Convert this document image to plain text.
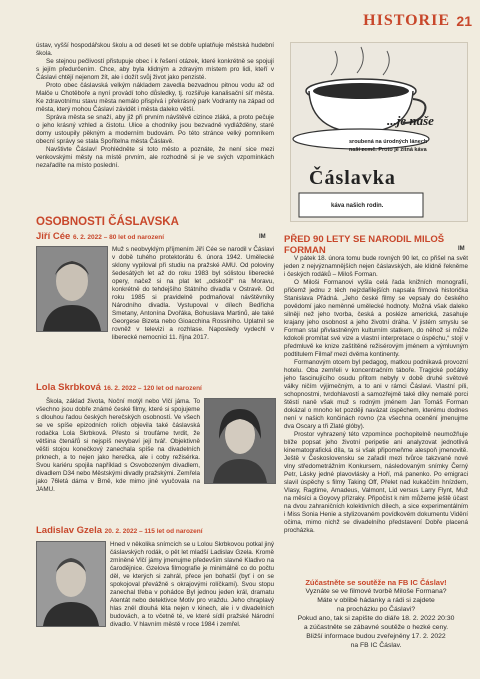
HISTORIE 21

ústav, vyšší hospodářskou školu a od deseti let se dobře uplatňuje městská hudební škola.

Se stejnou pečlivostí přistupuje obec i k řešení otázek, které konkrétně se spojují s jejím předurčením. Chce, aby byla klidným a zdravým místem pro lidi, kteří v Čáslavi chtějí nejenom žít, ale i dožít svůj život jako penzisté.

Proto obec čáslavská velkým nákladem zavedla bezvadnou pitnou vodu až od Malče u Chotěboře a nyní provádí toho důsledky, tj. rozšiřuje kanalisační síť města. Ke zdravotnímu stavu města nemálo přispívá i překrásný park Vodranty na západ od města, který mohou Čáslaví závidět i města daleko větší.

Správa města se snaží, aby již při prvním návštěvě cizince zláká, a proto pečuje o jeho krásný vzhled a čistotu. Ulice a chodníky jsou bezvadně vydlážděny, staré domy ustoupily pěkným a moderním budovám. Po této stránce velký pomníkem obecní správy se stala Spořitelna města Čáslavě.

Navštivte Čáslav! Prohlédněte si toto město a poznáte, že není sice mezi venkovskými městy na místě prvním, ale rozhodně si je ve svých vzpomínkách nezařadíte na místo poslední.

...je naše
sroubená na úrodných lánech
naší země. Proto je žitná káva
Čáslavka
káva našich rodin.
OSOBNOSTI ČÁSLAVSKA
Jiří Cée 6. 2. 2022 – 80 let od narození	IM

Muž s neobvyklým příjmením Jiří Cée se narodil v Čáslavi v době tuhého protektorátu 6. února 1942. Umělecké sklony vypiloval při studiu na pražské AMU. Od poloviny šedesátých let až do roku 1983 byl sólistou liberecké opery, načež si na plat let „odskočil“ na Moravu, konkrétně do tehdejšího Státního divadla v Ostravě. Od roku 1985 si pravidelně podmaňoval návštěvníky Národního divadla. Vystupoval v dílech Bedřicha Smetany, Antonína Dvořáka, Bohuslava Martinů, ale také Georgese Bizeta nebo Gioacchina Rossiniho. Uplatnil se rovněž v televizi a rozhlase. Naposledy vydechl v liberecké nemocnici 11. října 2017.

Lola Skrbková 16. 2. 2022 – 120 let od narození

Škola, základ života, Noční motýl nebo Vlčí jáma. To všechno jsou dobře známé české filmy, které si spojujeme s dlouhou řadou českých herečských osobností. Ve všech se ve spíše epizodních rolích objevila také čáslavská rodačka Lola Skrbková. Přesto si troufáme tvrdit, že většina čtenářů si nejspíš nevybaví její tvář. Objektivně věšti stojou konečkový zanechala spíše na divadelních prknech, a to nejen jako herečka, ale i coby režisérka. Svou kariéru spojila například s Osvobozeným divadlem, divadlem D34 nebo Městskými divadly pražskými. Zemřela jako 76letá dáma v Brně, kde mimo jiné vyučovala na JAMU.

Ladislav Gzela 20. 2. 2022 – 115 let od narození

Hned v několika snímcích se u Lolou Skrbkovou potkal jiný čáslavských rodák, o pět let mladší Ladislav Gzela. Kromě zmíněné Vlčí jámy jmenujme především slavné Kladivo na čarodějnice. Gzelova filmografie je minimálně co do počtu děl, ve kterých si zahrál, přece jen bohatší (byť i on se spokojoval převážně s okrajovými rolíčkami). Svou stopu zanechal třeba v pohádce Byl jednou jeden král, dramatu Atentát nebo detektivce Motiv pro vraždu. Jeho chraplavý hlas zněl dlouhá léta nejen v kinech, ale i v divadelních budovách, a to včetně té, ve které sídlí pražské Národní divadlo. V hlavním městě v roce 1984 i zemřel.

PŘED 90 LETY SE NARODIL MILOŠ FORMAN	IM

V pátek 18. února tomu bude rovných 90 let, co přišel na svět jeden z nejvýznamnějších nejen čáslavských, ale klidně řekněme i českých rodáků – Miloš Forman.

O Miloši Formanovi vyšla celá řada knižních monografií, přičemž jednu z těch nejzdařilejších napsala filmová historička Stanislava Přádná. „Jeho české filmy se vepsaly do českého povědomí jako neměnné umělecké hodnoty. Možná však daleko silněji než jeho tvorba, česká a posléze americká, zasahuje krajany jeho osobnost a jeho životní dráha. V jistém smyslu se Forman stal přivlastněným kulturním statkem, do něhož si může kdokoli promítat své vize a vlastní interpretace o úspěchu,“ stojí v předmluvě ke knize zaštítěné režisérovým jménem a výmluvným podtitulem Filmař mezi dvěma kontinenty.

Formanovým otcem byl pedagog, matkou podnikavá provozní hotelu. Oba zemřeli v koncentračním táboře. Tragické počátky jeho fascinujícího osudu přitom nebyly v době druhé světové války ničím výjimečným, a to ani v rámci Čáslavi. Vlastní píli, schopnostmi, tvrdohlavostí a samozřejmě také díky nemalé porci štěstí naně však muž s rodným jménem Jan Tomáš Forman dokázal o mnoho let později navázat úspěchem, kterému dodnes není v našich končinách rovno (za všechna ocenění jmenujme dva Oscary a tři Zlaté glóby).

Prostor vyhrazený této vzpomínce pochopitelně neumožňuje blíže popsat jeho životní peripetie ani analyzovat jednotlivá kinematografická díla, ta si však připomeňme alespoň jmenovitě. Ještě v Československu se zařadil mezi tvůrce takzvané nové vlny středometrážním Konkursem, následovaným snímky Černý Petr, Lásky jedné plavovlásky a Hoří, má panenko. Po emigraci slavil úspěchy s filmy Taking Off, Přelet nad kukaččím hnízdem, Vlasy, Ragtime, Amadeus, Valmont, Lid versus Larry Flynt, Muž na měsíci a Goyovy přízraky. Připočíst k nim můžeme ještě účast na dvou zahraničních kolektivních dílech, a sice experimentálním i Miss Sonia Henie a stylizovaném povídkovém dokumentu Vidění očima, mimo nichž se divadelního představení Dobře placená procházka.

Zúčastněte se soutěže na FB IC Čáslav!
Vyznáte se ve filmové tvorbě Miloše Formana?
Máte v oblibě hádanky a rádi si zajdete
na procházku po Čáslavi?
Pokud ano, tak si zapište do diáře 18. 2. 2022 20:30
a zúčastněte se zábavné soutěže o hezké ceny.
Bližší informace budou zveřejněny 17. 2. 2022
na FB IC Čáslav.
